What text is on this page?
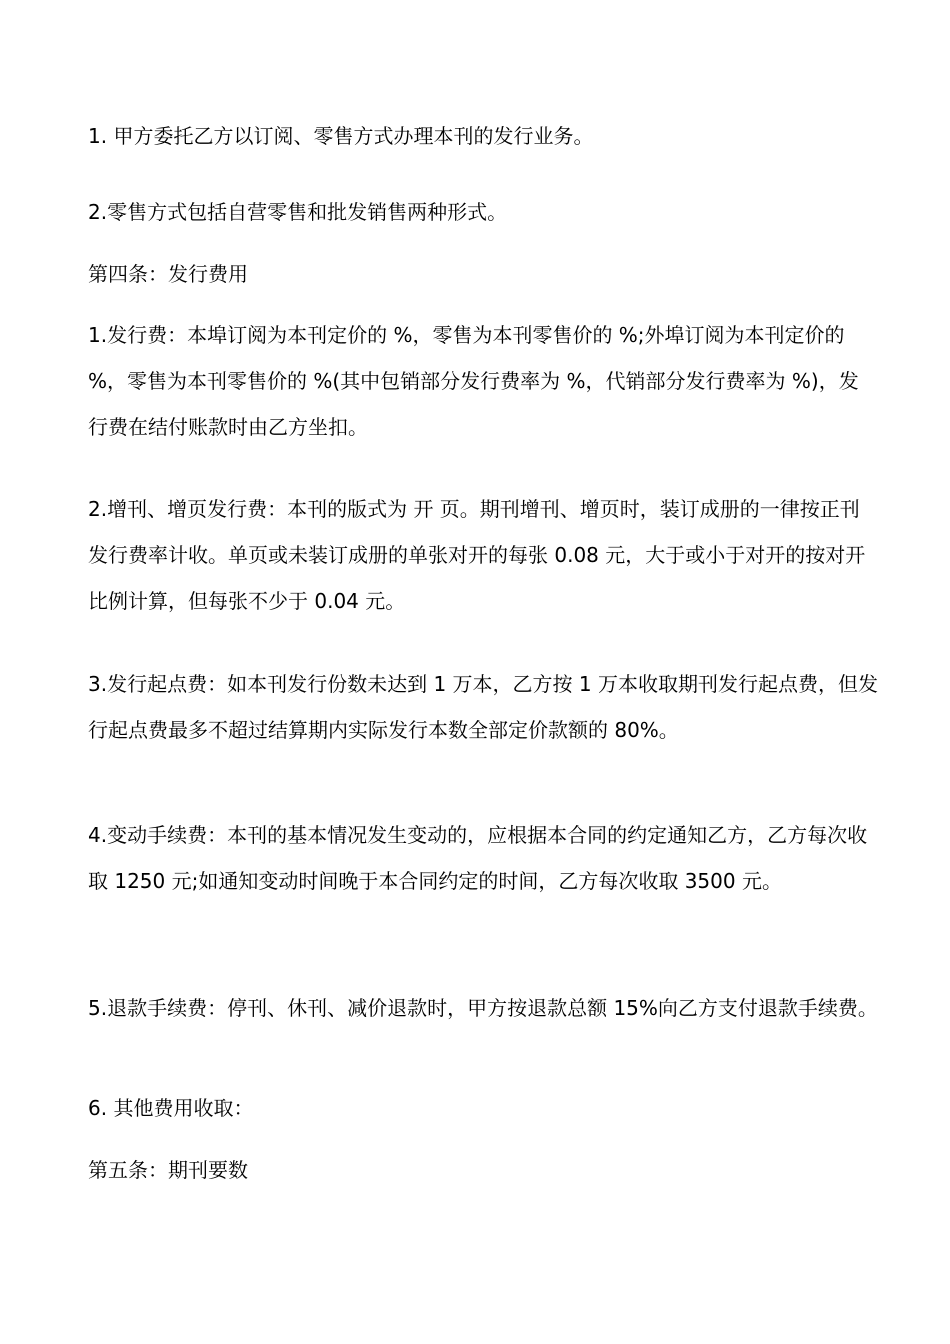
1. 甲方委托乙方以订阅、零售方式办理本刊的发行业务。

2.零售方式包括自营零售和批发销售两种形式。

第四条：发行费用

1.发行费：本埠订阅为本刊定价的 %，零售为本刊零售价的 %;外埠订阅为本刊定价的 %，零售为本刊零售价的 %(其中包销部分发行费率为 %，代销部分发行费率为 %)，发行费在结付账款时由乙方坐扣。

2.增刊、增页发行费：本刊的版式为 开 页。期刊增刊、增页时，装订成册的一律按正刊发行费率计收。单页或未装订成册的单张对开的每张 0.08 元，大于或小于对开的按对开比例计算，但每张不少于 0.04 元。

3.发行起点费：如本刊发行份数未达到 1 万本，乙方按 1 万本收取期刊发行起点费，但发行起点费最多不超过结算期内实际发行本数全部定价款额的 80%。

4.变动手续费：本刊的基本情况发生变动的，应根据本合同的约定通知乙方，乙方每次收取 1250 元;如通知变动时间晚于本合同约定的时间，乙方每次收取 3500 元。

5.退款手续费：停刊、休刊、减价退款时，甲方按退款总额 15%向乙方支付退款手续费。

6. 其他费用收取：

第五条：期刊要数
